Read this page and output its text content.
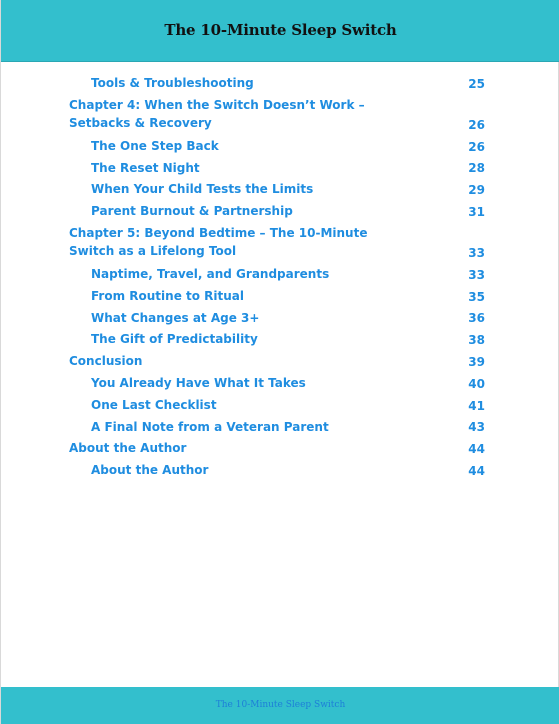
The 10-Minute Sleep Switch
Tools & Troubleshooting	25
Chapter 4: When the Switch Doesn’t Work – Setbacks & Recovery	26
The One Step Back	26
The Reset Night	28
When Your Child Tests the Limits	29
Parent Burnout & Partnership	31
Chapter 5: Beyond Bedtime – The 10-Minute Switch as a Lifelong Tool	33
Naptime, Travel, and Grandparents	33
From Routine to Ritual	35
What Changes at Age 3+	36
The Gift of Predictability	38
Conclusion	39
You Already Have What It Takes	40
One Last Checklist	41
A Final Note from a Veteran Parent	43
About the Author	44
About the Author	44
The 10-Minute Sleep Switch
